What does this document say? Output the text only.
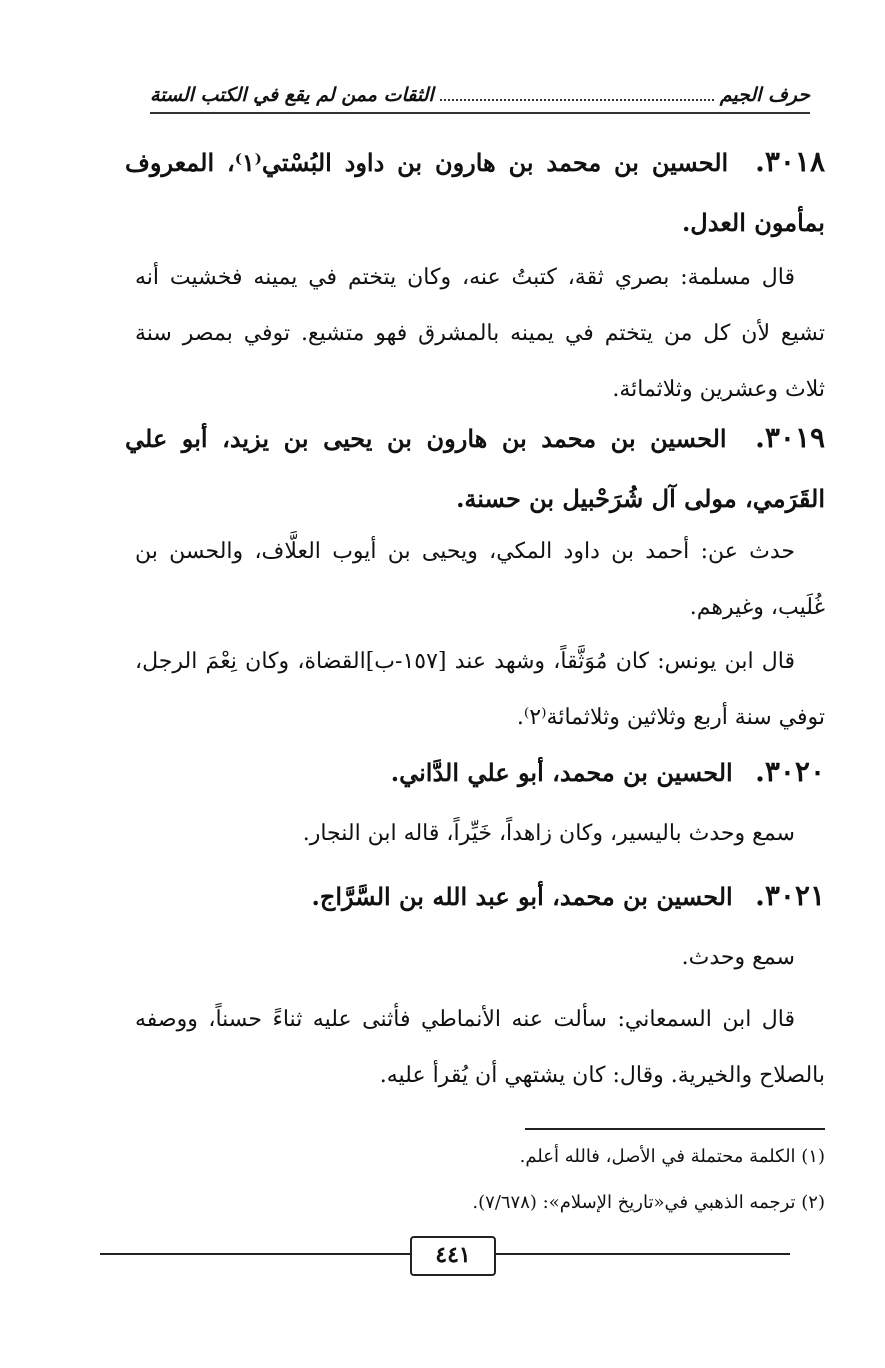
حرف الجيم
الثقات ممن لم يقع في الكتب الستة
٣٠١٨. الحسين بن محمد بن هارون بن داود البُسْتي⁽١⁾، المعروف بمأمون العدل.
قال مسلمة: بصري ثقة، كتبتُ عنه، وكان يتختم في يمينه فخشيت أنه تشيع لأن كل من يتختم في يمينه بالمشرق فهو متشيع. توفي بمصر سنة ثلاث وعشرين وثلاثمائة.
٣٠١٩. الحسين بن محمد بن هارون بن يحيى بن يزيد، أبو علي القَرَمي، مولى آل شُرَحْبيل بن حسنة.
حدث عن: أحمد بن داود المكي، ويحيى بن أيوب العلَّاف، والحسن بن غُلَيب، وغيرهم.
قال ابن يونس: كان مُوَثَّقاً، وشهد عند [١٥٧-ب]القضاة، وكان نِعْمَ الرجل، توفي سنة أربع وثلاثين وثلاثمائة⁽٢⁾.
٣٠٢٠. الحسين بن محمد، أبو علي الدَّاني.
سمع وحدث باليسير، وكان زاهداً، خَيِّراً، قاله ابن النجار.
٣٠٢١. الحسين بن محمد، أبو عبد الله بن السَّرَّاج.
سمع وحدث.
قال ابن السمعاني: سألت عنه الأنماطي فأثنى عليه ثناءً حسناً، ووصفه بالصلاح والخيرية. وقال: كان يشتهي أن يُقرأ عليه.
(١) الكلمة محتملة في الأصل، فالله أعلم.
(٢) ترجمه الذهبي في«تاريخ الإسلام»: (٧/٦٧٨).
٤٤١
